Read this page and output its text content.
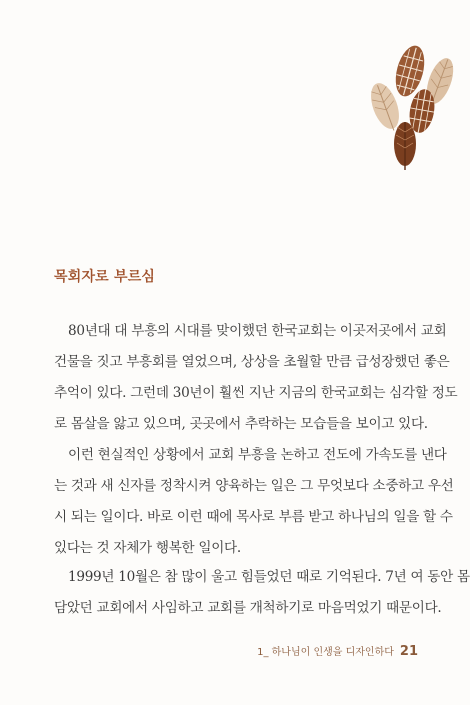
목회자로 부르심
80년대 대 부흥의 시대를 맞이했던 한국교회는 이곳저곳에서 교회
건물을 짓고 부흥회를 열었으며, 상상을 초월할 만큼 급성장했던 좋은
추억이 있다. 그런데 30년이 훨씬 지난 지금의 한국교회는 심각할 정도
로 몸살을 앓고 있으며, 곳곳에서 추락하는 모습들을 보이고 있다.
이런 현실적인 상황에서 교회 부흥을 논하고 전도에 가속도를 낸다
는 것과 새 신자를 정착시켜 양육하는 일은 그 무엇보다 소중하고 우선
시 되는 일이다. 바로 이런 때에 목사로 부름 받고 하나님의 일을 할 수
있다는 것 자체가 행복한 일이다.
1999년 10월은 참 많이 울고 힘들었던 때로 기억된다. 7년 여 동안 몸
담았던 교회에서 사임하고 교회를 개척하기로 마음먹었기 때문이다.
1_ 하나님이 인생을 디자인하다 21
